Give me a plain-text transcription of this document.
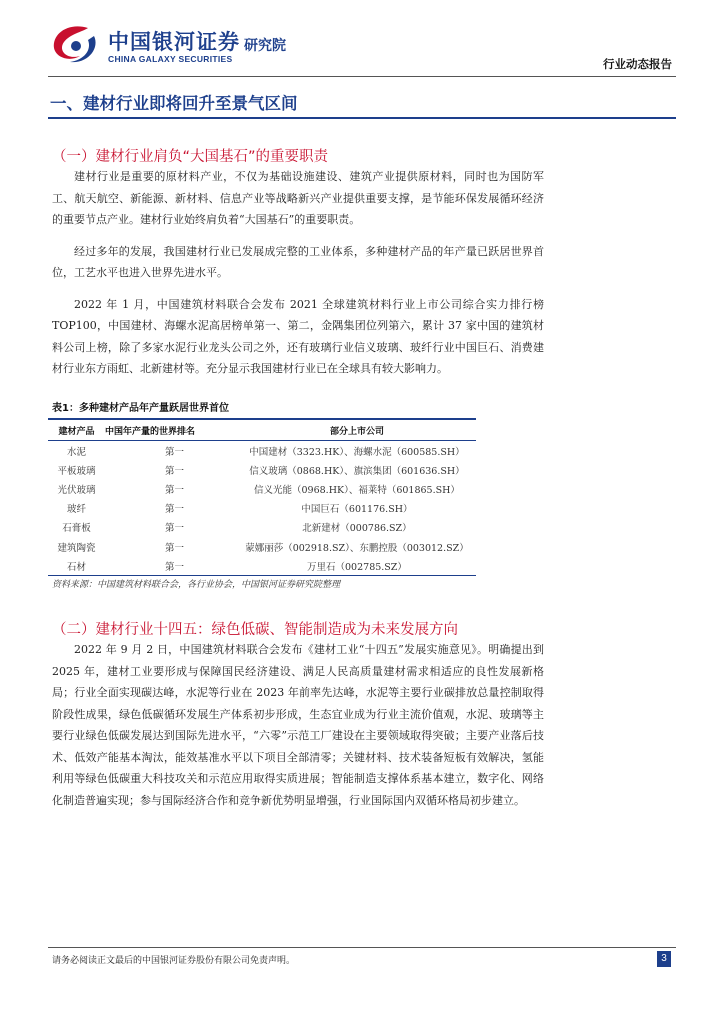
中国银河证券
CHINA GALAXY SECURITIES
研究院
行业动态报告
一、建材行业即将回升至景气区间
（一）建材行业肩负“大国基石”的重要职责

建材行业是重要的原材料产业，不仅为基础设施建设、建筑产业提供原材料，同时也为国防军工、航天航空、新能源、新材料、信息产业等战略新兴产业提供重要支撑，是节能环保发展循环经济的重要节点产业。建材行业始终肩负着“大国基石”的重要职责。

经过多年的发展，我国建材行业已发展成完整的工业体系，多种建材产品的年产量已跃居世界首位，工艺水平也进入世界先进水平。

2022 年 1 月，中国建筑材料联合会发布 2021 全球建筑材料行业上市公司综合实力排行榜 TOP100，中国建材、海螺水泥高居榜单第一、第二，金隅集团位列第六，累计 37 家中国的建筑材料公司上榜，除了多家水泥行业龙头公司之外，还有玻璃行业信义玻璃、玻纤行业中国巨石、消费建材行业东方雨虹、北新建材等。充分显示我国建材行业已在全球具有较大影响力。

表1：多种建材产品年产量跃居世界首位
建材产品	中国年产量的世界排名	部分上市公司
水泥	第一	中国建材（3323.HK）、海螺水泥（600585.SH）
平板玻璃	第一	信义玻璃（0868.HK）、旗滨集团（601636.SH）
光伏玻璃	第一	信义光能（0968.HK）、福莱特（601865.SH）
玻纤	第一	中国巨石（601176.SH）
石膏板	第一	北新建材（000786.SZ）
建筑陶瓷	第一	蒙娜丽莎（002918.SZ）、东鹏控股（003012.SZ）
石材	第一	万里石（002785.SZ）
资料来源：中国建筑材料联合会，各行业协会，中国银河证券研究院整理
（二）建材行业十四五：绿色低碳、智能制造成为未来发展方向

2022 年 9 月 2 日，中国建筑材料联合会发布《建材工业“十四五”发展实施意见》。明确提出到 2025 年，建材工业要形成与保障国民经济建设、满足人民高质量建材需求相适应的良性发展新格局；行业全面实现碳达峰，水泥等行业在 2023 年前率先达峰，水泥等主要行业碳排放总量控制取得阶段性成果，绿色低碳循环发展生产体系初步形成，生态宜业成为行业主流价值观，水泥、玻璃等主要行业绿色低碳发展达到国际先进水平，“六零”示范工厂建设在主要领域取得突破；主要产业落后技术、低效产能基本淘汰，能效基准水平以下项目全部清零；关键材料、技术装备短板有效解决，氢能利用等绿色低碳重大科技攻关和示范应用取得实质进展；智能制造支撑体系基本建立，数字化、网络化制造普遍实现；参与国际经济合作和竞争新优势明显增强，行业国际国内双循环格局初步建立。

请务必阅读正文最后的中国银河证券股份有限公司免责声明。	3
